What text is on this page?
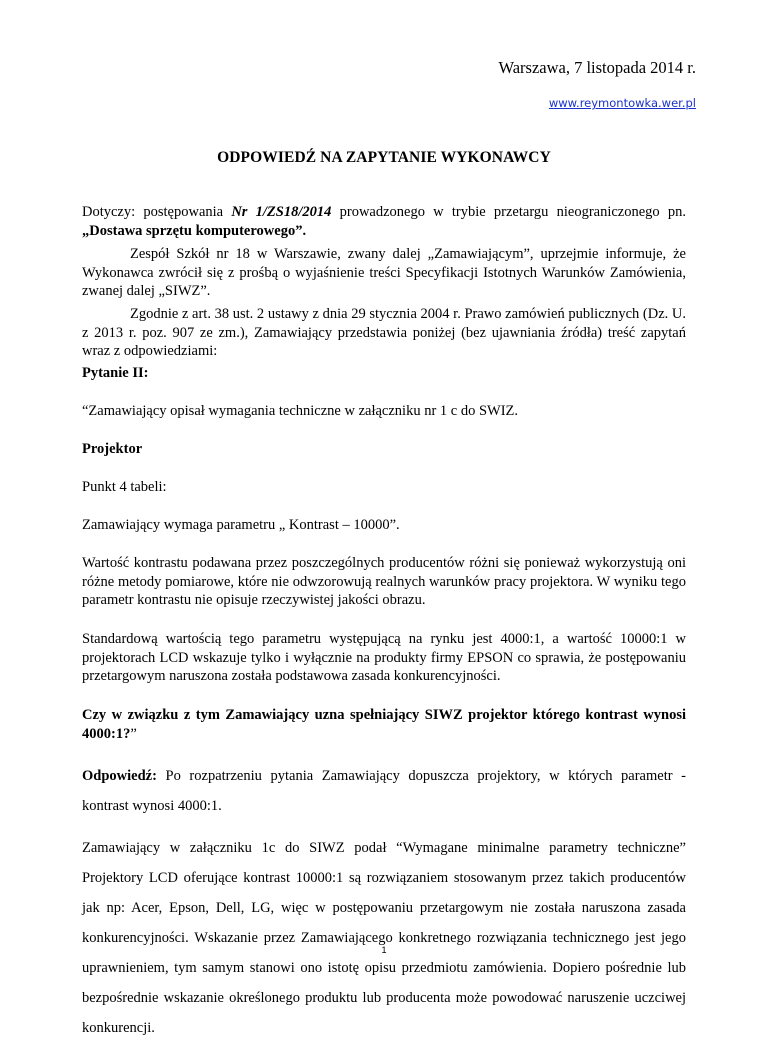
Warszawa, 7 listopada 2014 r.
www.reymontowka.wer.pl
ODPOWIEDŹ NA ZAPYTANIE WYKONAWCY
Dotyczy: postępowania Nr 1/ZS18/2014 prowadzonego w trybie przetargu nieograniczonego pn. „Dostawa sprzętu komputerowego”.
Zespół Szkół nr 18 w Warszawie, zwany dalej „Zamawiającym”, uprzejmie informuje, że Wykonawca zwrócił się z prośbą o wyjaśnienie treści Specyfikacji Istotnych Warunków Zamówienia, zwanej dalej „SIWZ”.
Zgodnie z art. 38 ust. 2 ustawy z dnia 29 stycznia 2004 r. Prawo zamówień publicznych (Dz. U. z 2013 r. poz. 907 ze zm.), Zamawiający przedstawia poniżej (bez ujawniania źródła) treść zapytań wraz z odpowiedziami:
Pytanie II:
“Zamawiający opisał wymagania techniczne w załączniku nr 1 c do SWIZ.
Projektor
Punkt 4 tabeli:
Zamawiający wymaga parametru „ Kontrast – 10000”.
Wartość kontrastu podawana przez poszczególnych producentów różni się ponieważ wykorzystują oni różne metody pomiarowe, które nie odwzorowują realnych warunków pracy projektora. W wyniku tego parametr kontrastu nie opisuje rzeczywistej jakości obrazu.
Standardową wartością tego parametru występującą na rynku jest 4000:1, a wartość 10000:1 w projektorach LCD wskazuje tylko i wyłącznie na produkty firmy EPSON co sprawia, że postępowaniu przetargowym naruszona została podstawowa zasada konkurencyjności.
Czy w związku z tym Zamawiający uzna spełniający SIWZ projektor którego kontrast wynosi 4000:1?”
Odpowiedź: Po rozpatrzeniu pytania Zamawiający dopuszcza projektory, w których parametr - kontrast wynosi 4000:1.
Zamawiający w załączniku 1c do SIWZ podał “Wymagane minimalne parametry techniczne” Projektory LCD oferujące kontrast 10000:1 są rozwiązaniem stosowanym przez takich producentów jak np: Acer, Epson, Dell, LG, więc w postępowaniu przetargowym nie została naruszona zasada konkurencyjności. Wskazanie przez Zamawiającego konkretnego rozwiązania technicznego jest jego uprawnieniem, tym samym stanowi ono istotę opisu przedmiotu zamówienia. Dopiero pośrednie lub bezpośrednie wskazanie określonego produktu lub producenta może powodować naruszenie uczciwej konkurencji.
1
